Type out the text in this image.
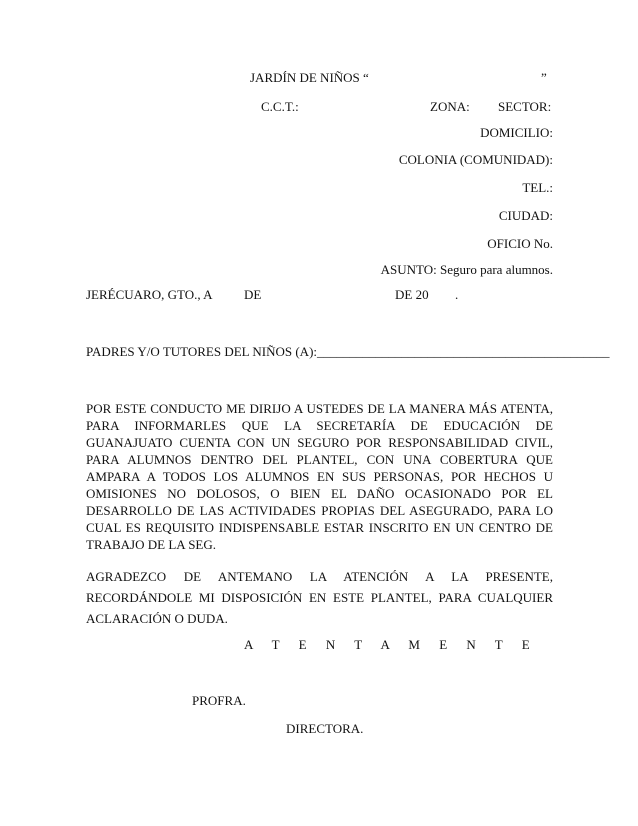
JARDÍN DE NIÑOS “	”
C.C.T.:	ZONA: SECTOR:
DOMICILIO:
COLONIA (COMUNIDAD):
TEL.:
CIUDAD:
OFICIO No.
ASUNTO: Seguro para alumnos.
JERÉCUARO, GTO., A DE	DE 20 .
PADRES Y/O TUTORES DEL NIÑOS (A):_____________________________________________
POR ESTE CONDUCTO ME DIRIJO A USTEDES DE LA MANERA MÁS ATENTA, PARA INFORMARLES QUE LA SECRETARÍA DE EDUCACIÓN DE GUANAJUATO CUENTA CON UN SEGURO POR RESPONSABILIDAD CIVIL, PARA ALUMNOS DENTRO DEL PLANTEL, CON UNA COBERTURA QUE AMPARA A TODOS LOS ALUMNOS EN SUS PERSONAS, POR HECHOS U OMISIONES NO DOLOSOS, O BIEN EL DAÑO OCASIONADO POR EL DESARROLLO DE LAS ACTIVIDADES PROPIAS DEL ASEGURADO, PARA LO CUAL ES REQUISITO INDISPENSABLE ESTAR INSCRITO EN UN CENTRO DE TRABAJO DE LA SEG.
AGRADEZCO DE ANTEMANO LA ATENCIÓN A LA PRESENTE, RECORDÁNDOLE MI DISPOSICIÓN EN ESTE PLANTEL, PARA CUALQUIER ACLARACIÓN O DUDA.
A T E N T A M E N T E
PROFRA.
DIRECTORA.
